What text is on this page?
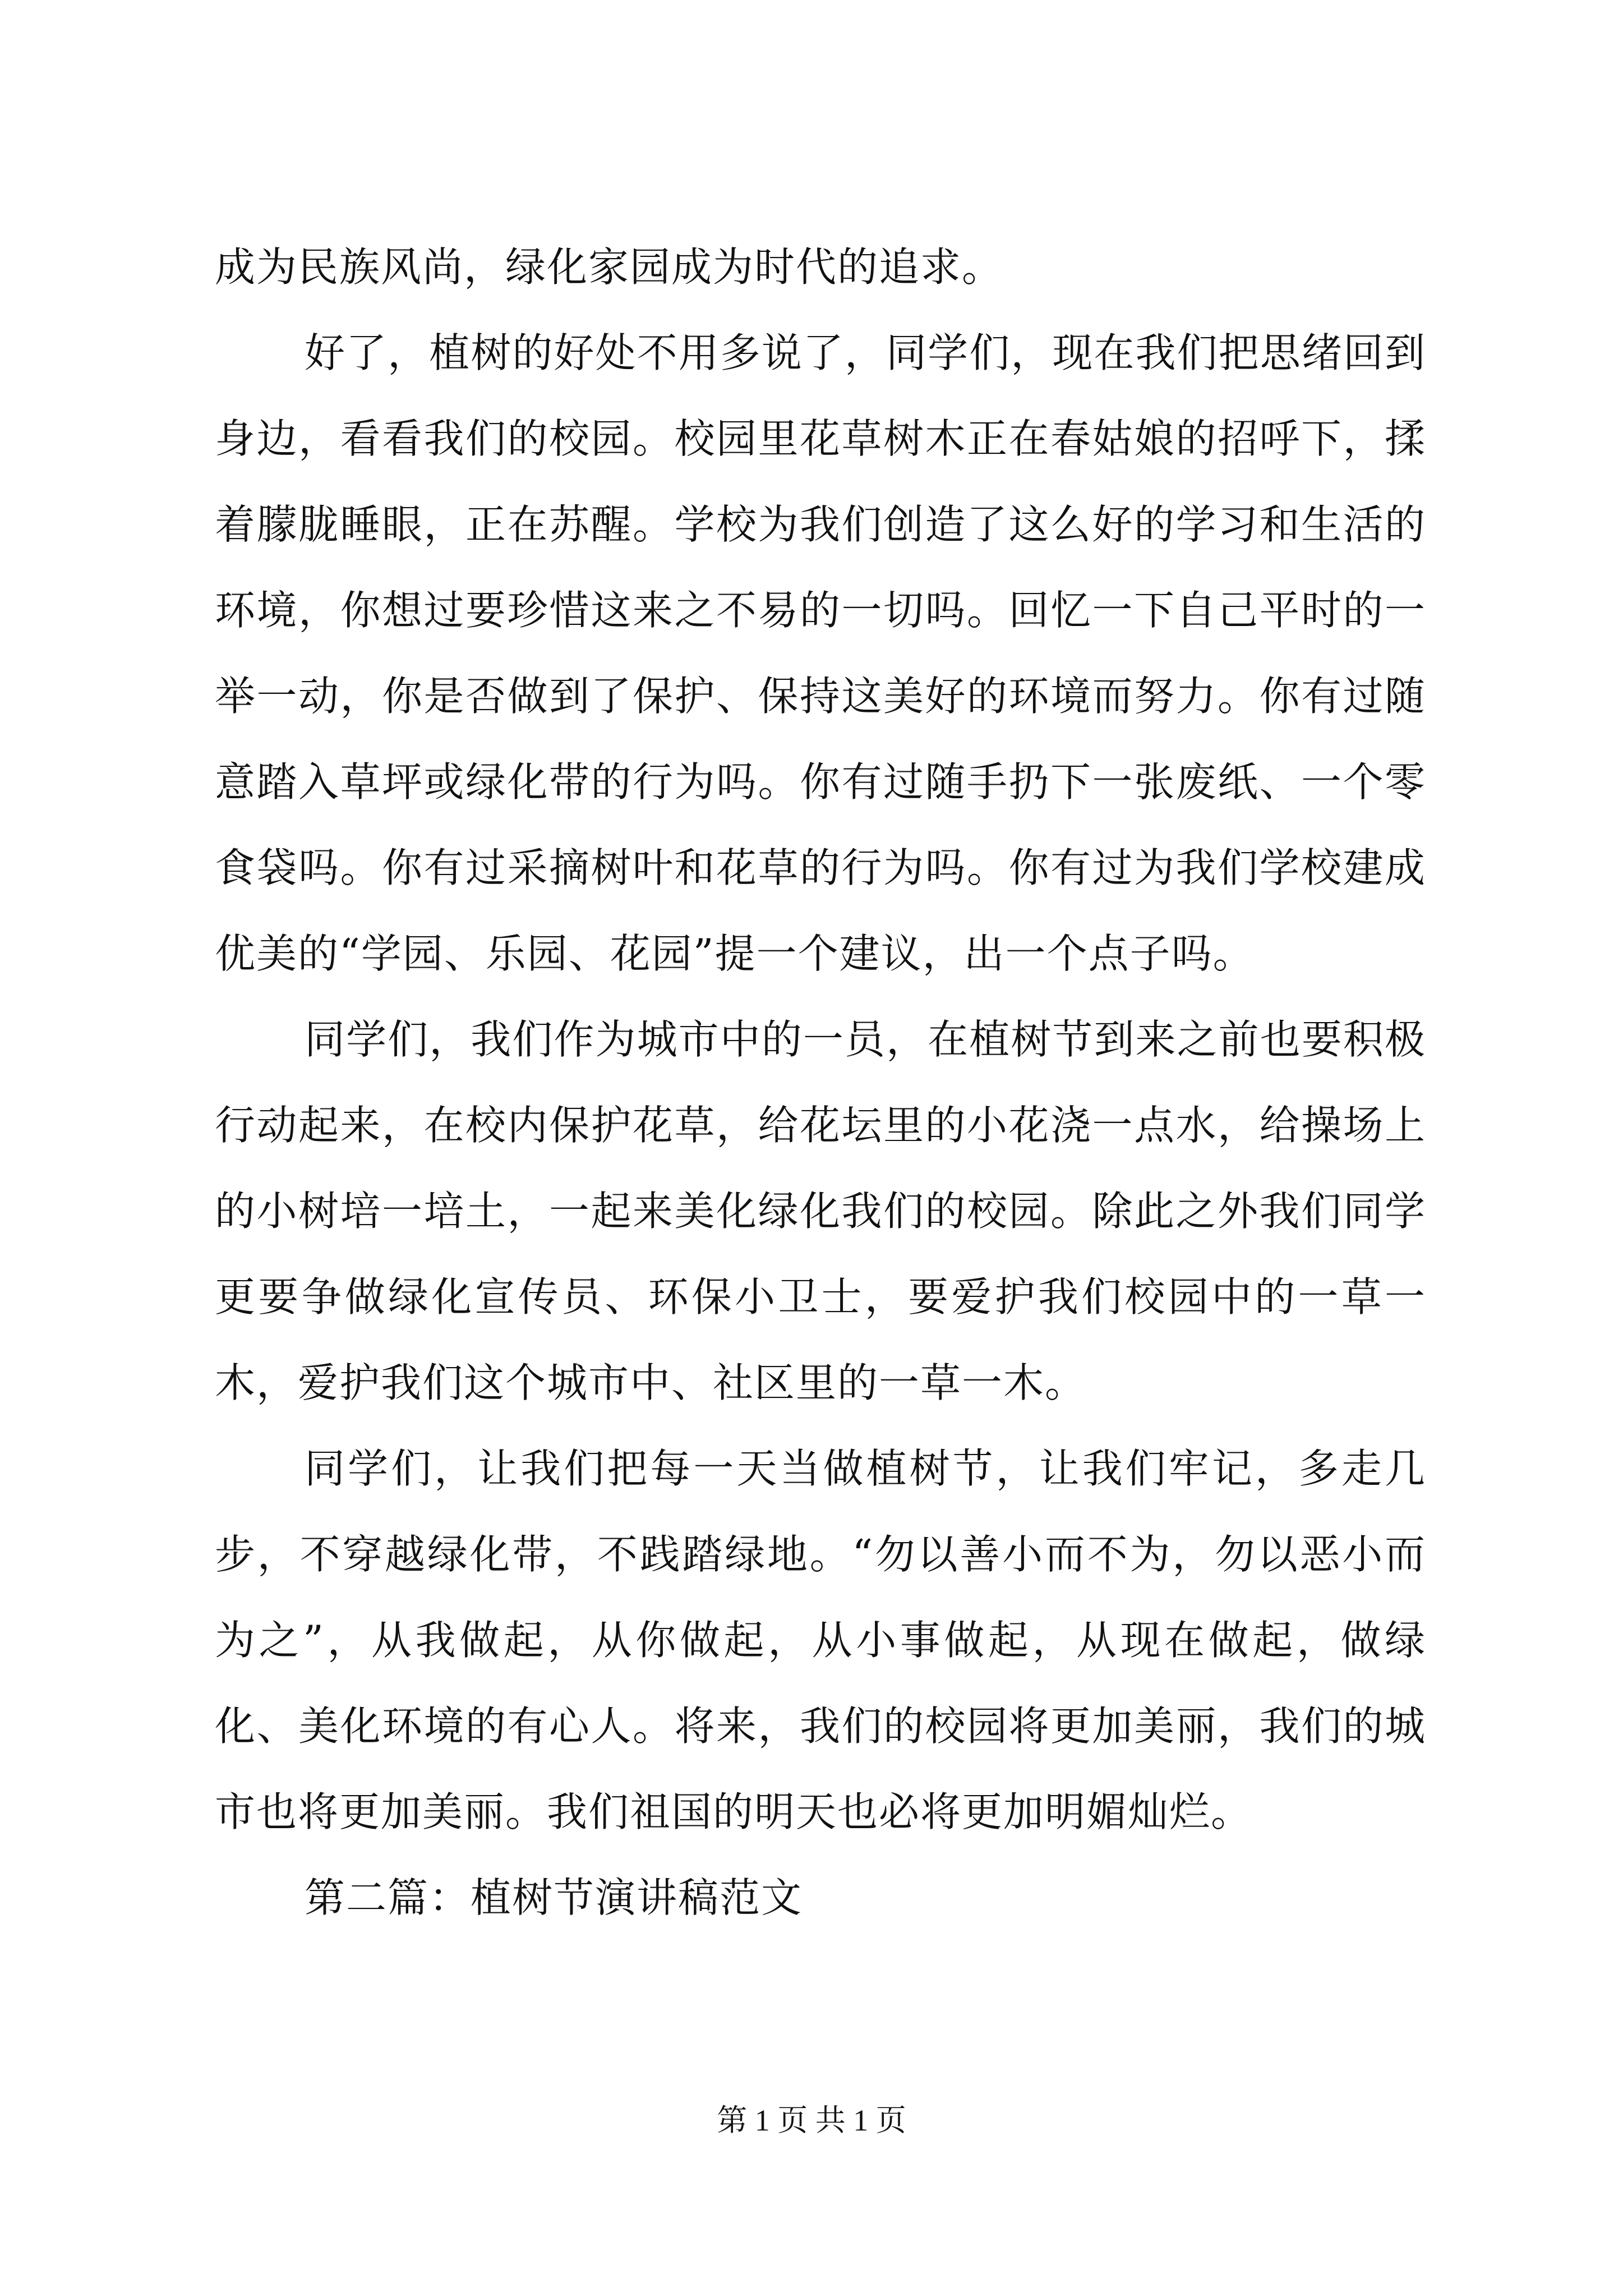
成为民族风尚，绿化家园成为时代的追求。

好了，植树的好处不用多说了，同学们，现在我们把思绪回到身边，看看我们的校园。校园里花草树木正在春姑娘的招呼下，揉着朦胧睡眼，正在苏醒。学校为我们创造了这么好的学习和生活的环境，你想过要珍惜这来之不易的一切吗。回忆一下自己平时的一举一动，你是否做到了保护、保持这美好的环境而努力。你有过随意踏入草坪或绿化带的行为吗。你有过随手扔下一张废纸、一个零食袋吗。你有过采摘树叶和花草的行为吗。你有过为我们学校建成优美的“学园、乐园、花园”提一个建议，出一个点子吗。

同学们，我们作为城市中的一员，在植树节到来之前也要积极行动起来，在校内保护花草，给花坛里的小花浇一点水，给操场上的小树培一培土，一起来美化绿化我们的校园。除此之外我们同学更要争做绿化宣传员、环保小卫士，要爱护我们校园中的一草一木，爱护我们这个城市中、社区里的一草一木。

同学们，让我们把每一天当做植树节，让我们牢记，多走几步，不穿越绿化带，不践踏绿地。“勿以善小而不为，勿以恶小而为之”，从我做起，从你做起，从小事做起，从现在做起，做绿化、美化环境的有心人。将来，我们的校园将更加美丽，我们的城市也将更加美丽。我们祖国的明天也必将更加明媚灿烂。

第二篇：植树节演讲稿范文

第 1 页 共 1 页
